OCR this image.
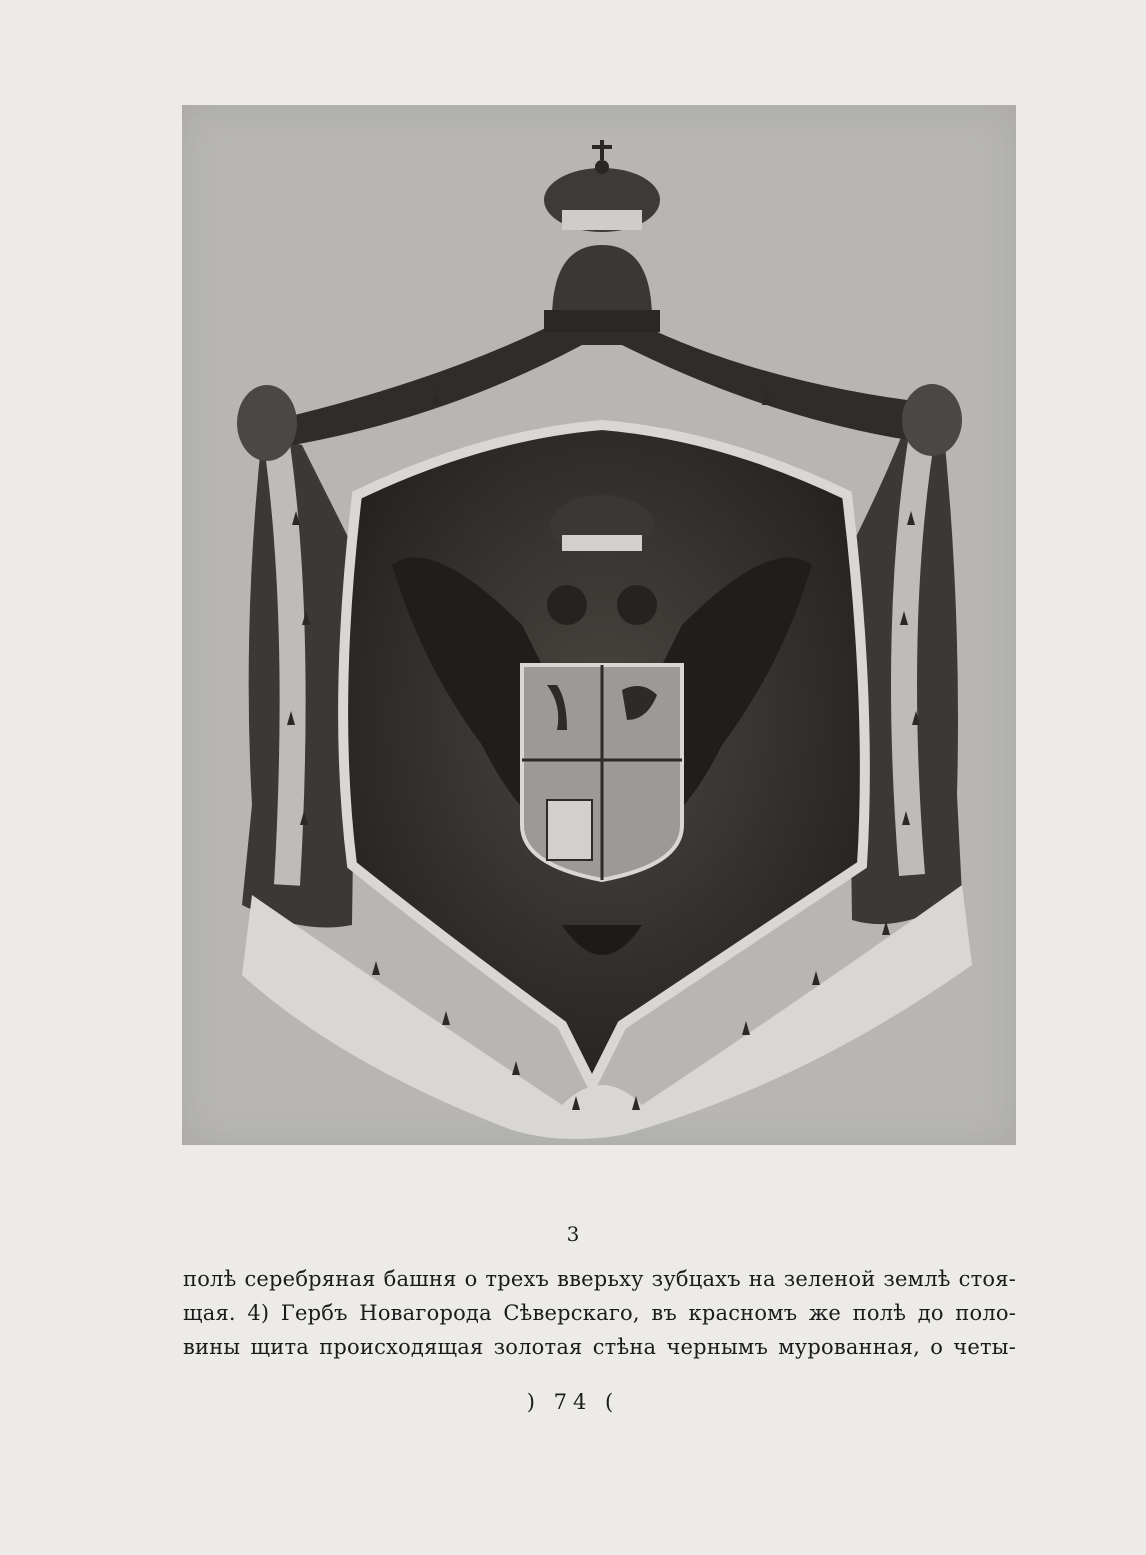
3
полѣ серебряная башня о трехъ вверьху зубцахъ на зеленой землѣ стоя-
щая. 4) Гербъ Новагорода Сѣверскаго, въ красномъ же полѣ до поло-
вины щита происходящая золотая стѣна чернымъ мурованная, о четы-
) 74 (
